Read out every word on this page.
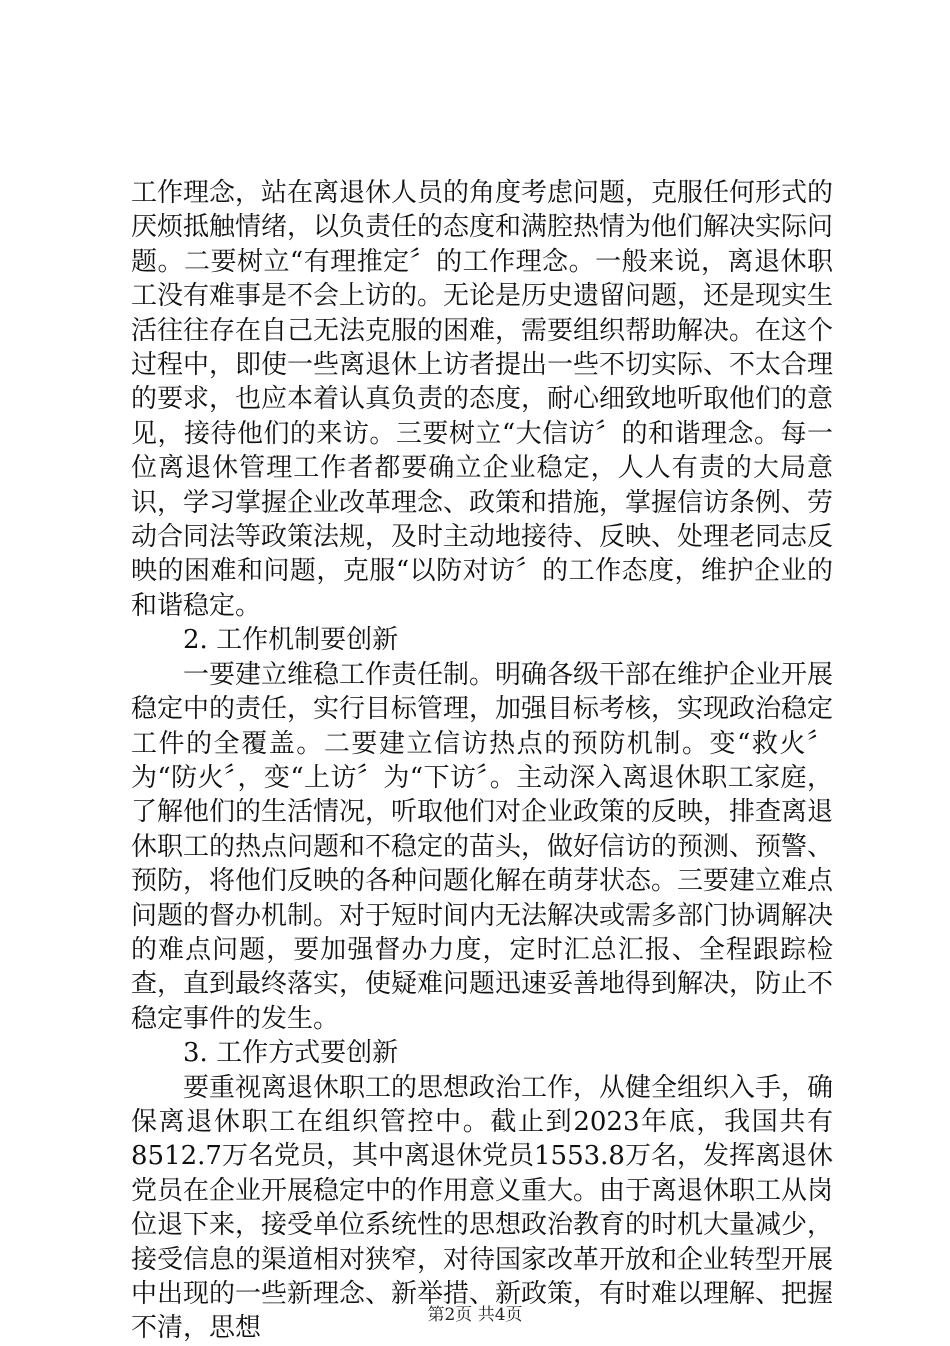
工作理念，站在离退休人员的角度考虑问题，克服任何形式的厌烦抵触情绪，以负责任的态度和满腔热情为他们解决实际问题。二要树立“有理推定〞的工作理念。一般来说，离退休职工没有难事是不会上访的。无论是历史遗留问题，还是现实生活往往存在自己无法克服的困难，需要组织帮助解决。在这个过程中，即使一些离退休上访者提出一些不切实际、不太合理的要求，也应本着认真负责的态度，耐心细致地听取他们的意见，接待他们的来访。三要树立“大信访〞的和谐理念。每一位离退休管理工作者都要确立企业稳定，人人有责的大局意识，学习掌握企业改革理念、政策和措施，掌握信访条例、劳动合同法等政策法规，及时主动地接待、反映、处理老同志反映的困难和问题，克服“以防对访〞的工作态度，维护企业的和谐稳定。

2. 工作机制要创新

一要建立维稳工作责任制。明确各级干部在维护企业开展稳定中的责任，实行目标管理，加强目标考核，实现政治稳定工件的全覆盖。二要建立信访热点的预防机制。变“救火〞为“防火〞，变“上访〞为“下访〞。主动深入离退休职工家庭，了解他们的生活情况，听取他们对企业政策的反映，排查离退休职工的热点问题和不稳定的苗头，做好信访的预测、预警、预防，将他们反映的各种问题化解在萌芽状态。三要建立难点问题的督办机制。对于短时间内无法解决或需多部门协调解决的难点问题，要加强督办力度，定时汇总汇报、全程跟踪检查，直到最终落实，使疑难问题迅速妥善地得到解决，防止不稳定事件的发生。

3. 工作方式要创新

要重视离退休职工的思想政治工作，从健全组织入手，确保离退休职工在组织管控中。截止到2023年底，我国共有8512.7万名党员，其中离退休党员1553.8万名，发挥离退休党员在企业开展稳定中的作用意义重大。由于离退休职工从岗位退下来，接受单位系统性的思想政治教育的时机大量减少，接受信息的渠道相对狭窄，对待国家改革开放和企业转型开展中出现的一些新理念、新举措、新政策，有时难以理解、把握不清，思想	第2页 共4页
